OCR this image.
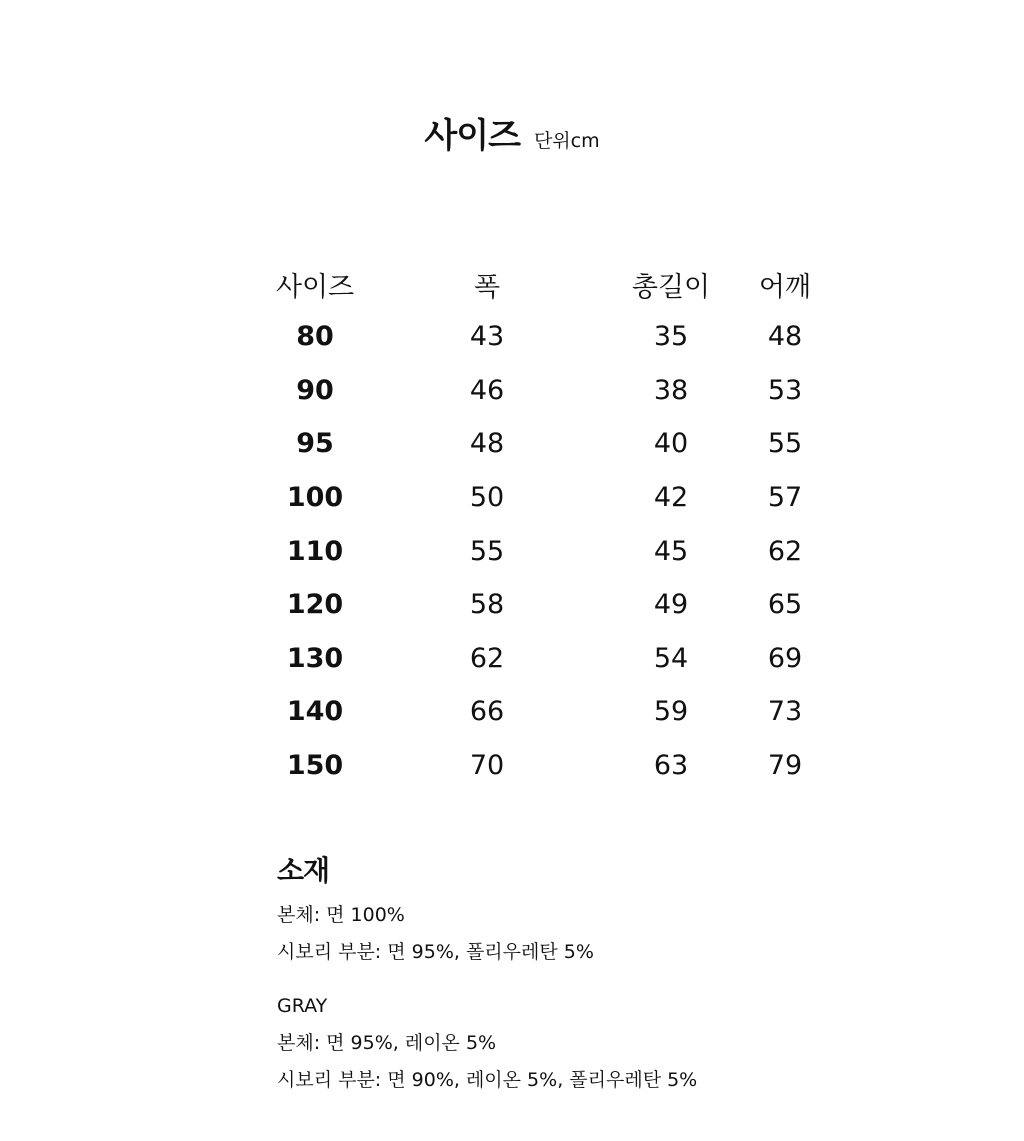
사이즈 단위cm
사이즈	폭	총길이	어깨
80	43	35	48
90	46	38	53
95	48	40	55
100	50	42	57
110	55	45	62
120	58	49	65
130	62	54	69
140	66	59	73
150	70	63	79
소재
본체: 면 100%
시보리 부분: 면 95%, 폴리우레탄 5%
GRAY
본체: 면 95%, 레이온 5%
시보리 부분: 면 90%, 레이온 5%, 폴리우레탄 5%
